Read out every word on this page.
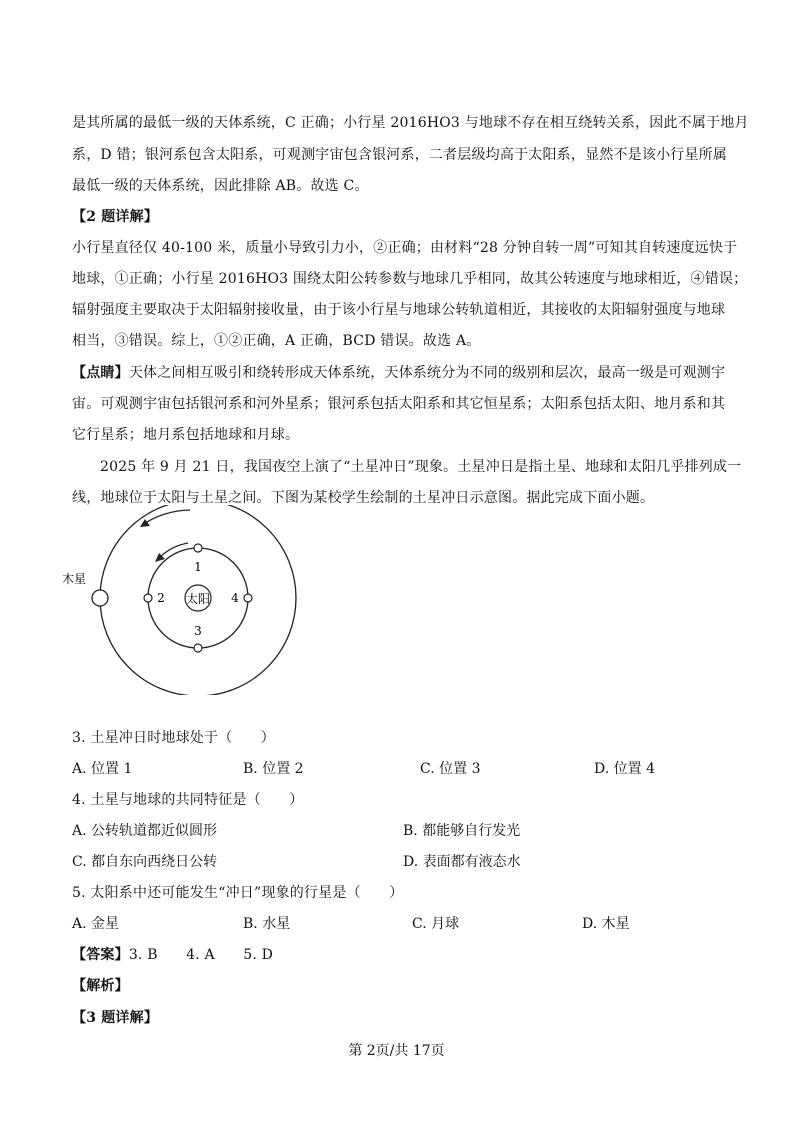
是其所属的最低一级的天体系统，C 正确；小行星 2016HO3 与地球不存在相互绕转关系，因此不属于地月
系，D 错；银河系包含太阳系，可观测宇宙包含银河系，二者层级均高于太阳系，显然不是该小行星所属
最低一级的天体系统，因此排除 AB。故选 C。
【2 题详解】
小行星直径仅 40-100 米，质量小导致引力小，②正确；由材料“28 分钟自转一周”可知其自转速度远快于
地球，①正确；小行星 2016HO3 围绕太阳公转参数与地球几乎相同，故其公转速度与地球相近，④错误；
辐射强度主要取决于太阳辐射接收量，由于该小行星与地球公转轨道相近，其接收的太阳辐射强度与地球
相当，③错误。综上，①②正确，A 正确，BCD 错误。故选 A。
【点睛】天体之间相互吸引和绕转形成天体系统，天体系统分为不同的级别和层次，最高一级是可观测宇
宙。可观测宇宙包括银河系和河外星系；银河系包括太阳系和其它恒星系；太阳系包括太阳、地月系和其
它行星系；地月系包括地球和月球。
2025 年 9 月 21 日，我国夜空上演了“土星冲日”现象。土星冲日是指土星、地球和太阳几乎排列成一
线，地球位于太阳与土星之间。下图为某校学生绘制的土星冲日示意图。据此完成下面小题。
太阳
1
2
3
4
木星
3. 土星冲日时地球处于（　　）
A. 位置 1	B. 位置 2	C. 位置 3	D. 位置 4
4. 土星与地球的共同特征是（　　）
A. 公转轨道都近似圆形	B. 都能够自行发光
C. 都自东向西绕日公转	D. 表面都有液态水
5. 太阳系中还可能发生“冲日”现象的行星是（　　）
A. 金星	B. 水星	C. 月球	D. 木星
【答案】3. B　　4. A　　5. D
【解析】
【3 题详解】
第 2页/共 17页
